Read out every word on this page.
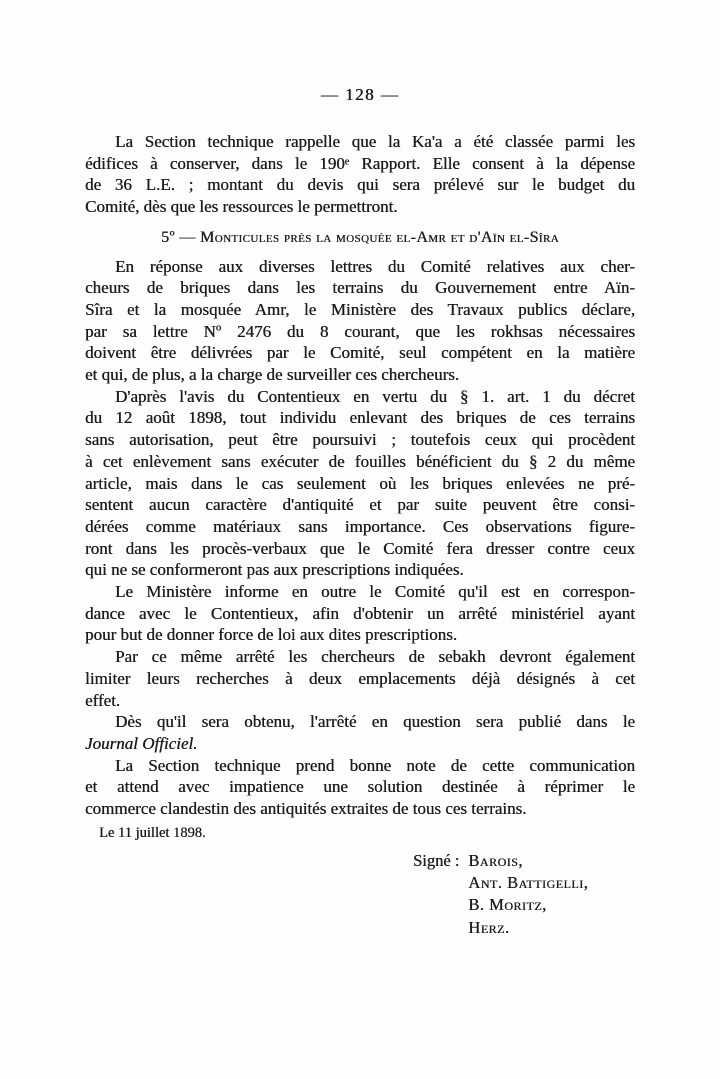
— 128 —
La Section technique rappelle que la Ka'a a été classée parmi les
édifices à conserver, dans le 190ᵉ Rapport. Elle consent à la dépense
de 36 L.E. ; montant du devis qui sera prélevé sur le budget du
Comité, dès que les ressources le permettront.
5º — Monticules près la mosquée el-Amr et d'Aïn el-Sîra
En réponse aux diverses lettres du Comité relatives aux cher-
cheurs de briques dans les terrains du Gouvernement entre Aïn-
Sîra et la mosquée Amr, le Ministère des Travaux publics déclare,
par sa lettre Nº 2476 du 8 courant, que les rokhsas nécessaires
doivent être délivrées par le Comité, seul compétent en la matière
et qui, de plus, a la charge de surveiller ces chercheurs.
D'après l'avis du Contentieux en vertu du § 1. art. 1 du décret
du 12 août 1898, tout individu enlevant des briques de ces terrains
sans autorisation, peut être poursuivi ; toutefois ceux qui procèdent
à cet enlèvement sans exécuter de fouilles bénéficient du § 2 du même
article, mais dans le cas seulement où les briques enlevées ne pré-
sentent aucun caractère d'antiquité et par suite peuvent être consi-
dérées comme matériaux sans importance. Ces observations figure-
ront dans les procès-verbaux que le Comité fera dresser contre ceux
qui ne se conformeront pas aux prescriptions indiquées.
Le Ministère informe en outre le Comité qu'il est en correspon-
dance avec le Contentieux, afin d'obtenir un arrêté ministériel ayant
pour but de donner force de loi aux dites prescriptions.
Par ce même arrêté les chercheurs de sebakh devront également
limiter leurs recherches à deux emplacements déjà désignés à cet
effet.
Dès qu'il sera obtenu, l'arrêté en question sera publié dans le
Journal Officiel.
La Section technique prend bonne note de cette communication
et attend avec impatience une solution destinée à réprimer le
commerce clandestin des antiquités extraites de tous ces terrains.

Le 11 juillet 1898.

Signé : Barois,
Ant. Battigelli,
B. Moritz,
Herz.
